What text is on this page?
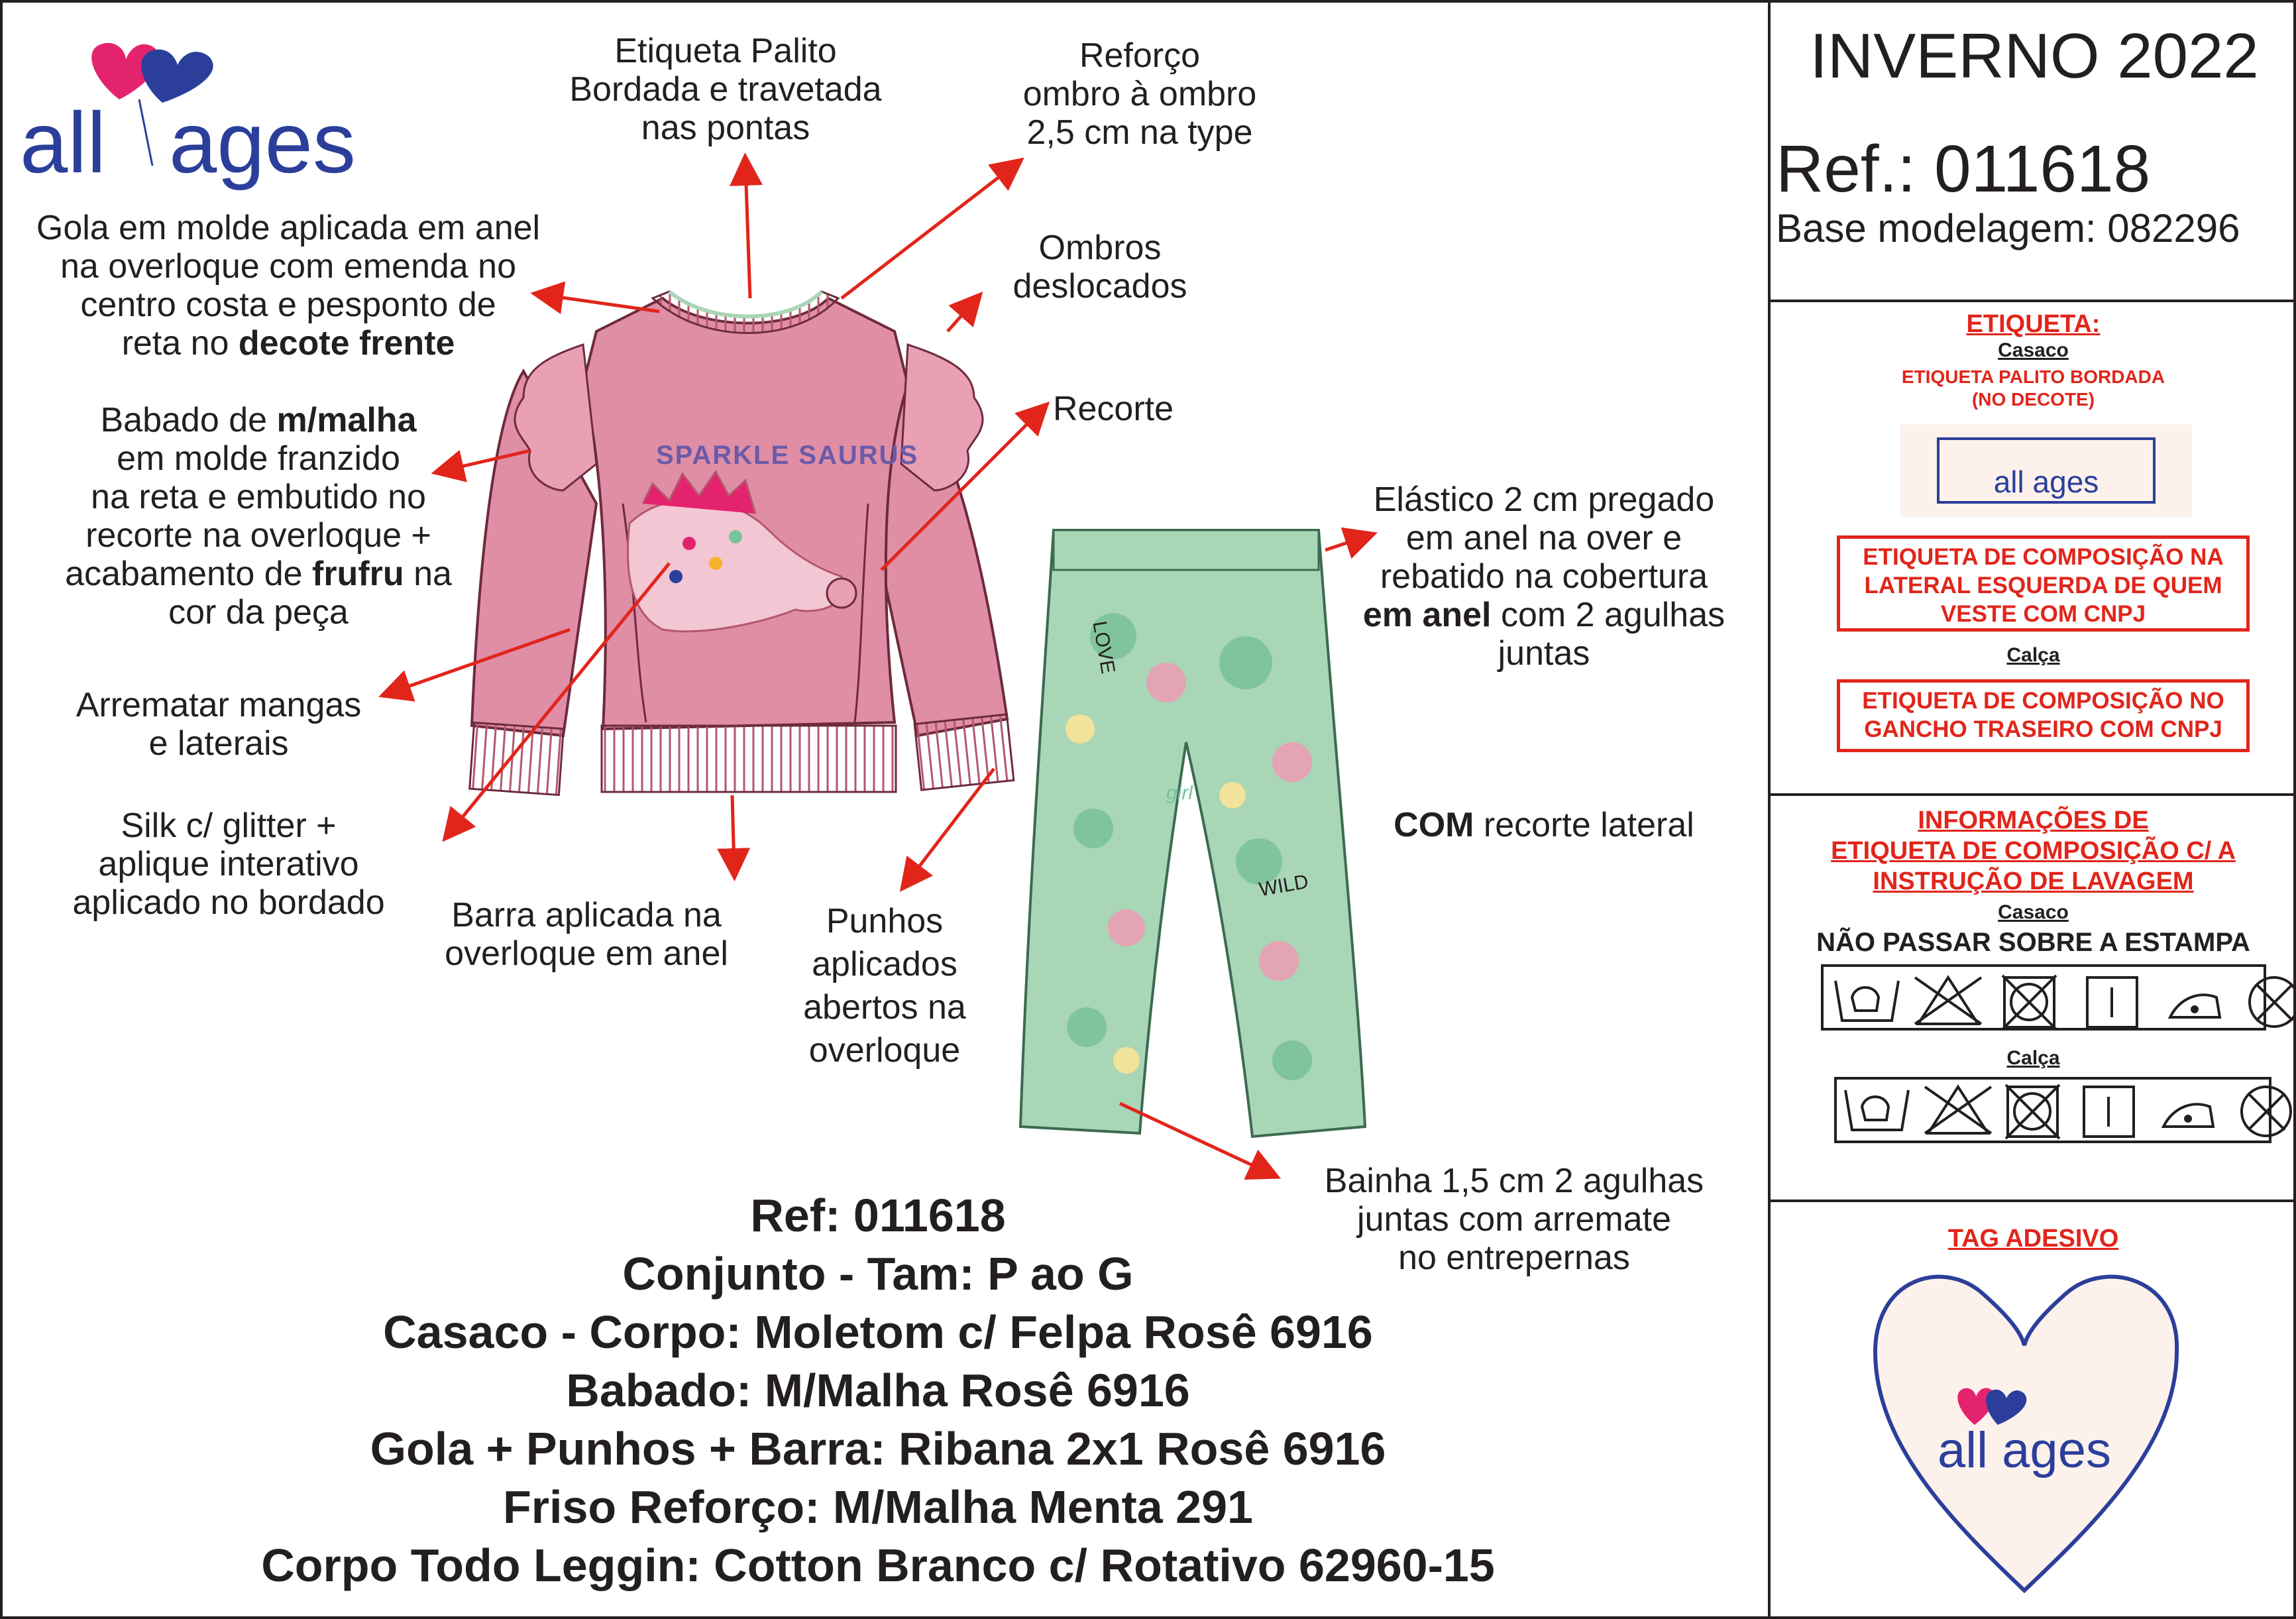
all ages
INVERNO 2022
Ref.: 011618
Base modelagem: 082296
SPARKLE SAURUS
LOVE
WILD
girl
Etiqueta Palito
Bordada e travetada
nas pontas
Reforço
ombro à ombro
2,5 cm na type
Gola em molde aplicada em anel
na overloque com emenda no
centro costa e pesponto de
reta no decote frente
Ombros
deslocados
Recorte
Babado de m/malha
em molde franzido
na reta e embutido no
recorte na overloque +
acabamento de frufru na
cor da peça
Elástico 2 cm pregado
em anel na over e
rebatido na cobertura
em anel com 2 agulhas
juntas
Arrematar mangas
e laterais
Silk c/ glitter +
aplique interativo
aplicado no bordado
COM recorte lateral
Barra aplicada na
overloque em anel
Punhos
aplicados
abertos na
overloque
Bainha 1,5 cm 2 agulhas
juntas com arremate
no entrepernas
Ref: 011618
Conjunto - Tam: P ao G
Casaco - Corpo: Moletom c/ Felpa Rosê 6916
Babado: M/Malha Rosê 6916
Gola + Punhos + Barra: Ribana 2x1 Rosê 6916
Friso Reforço: M/Malha Menta 291
Corpo Todo Leggin: Cotton Branco c/ Rotativo 62960-15
ETIQUETA:
Casaco
ETIQUETA PALITO BORDADA
(NO DECOTE)
all ages
ETIQUETA DE COMPOSIÇÃO NA
LATERAL ESQUERDA DE QUEM
VESTE COM CNPJ
Calça
ETIQUETA DE COMPOSIÇÃO NO
GANCHO TRASEIRO COM CNPJ
INFORMAÇÕES DE
ETIQUETA DE COMPOSIÇÃO C/ A
INSTRUÇÃO DE LAVAGEM
Casaco
NÃO PASSAR SOBRE A ESTAMPA
Calça
TAG ADESIVO
all ages
